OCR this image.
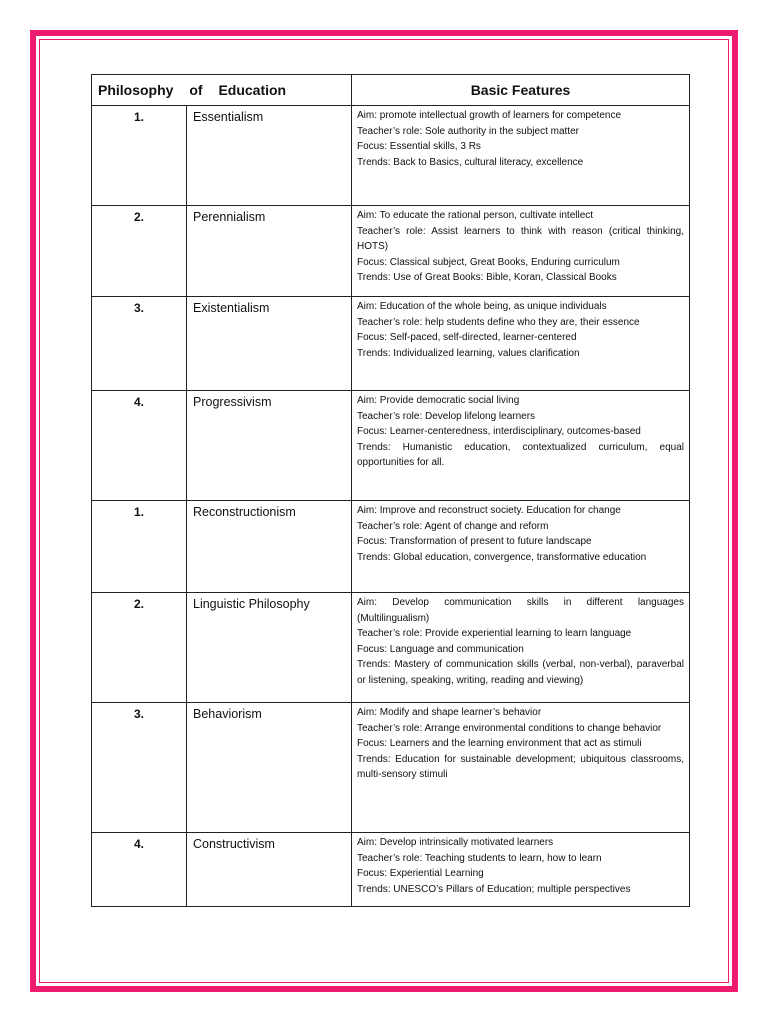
Philosophy of Education		Basic Features
1.	Essentialism	Aim: promote intellectual growth of learners for competence
Teacher’s role: Sole authority in the subject matter
Focus: Essential skills, 3 Rs
Trends: Back to Basics, cultural literacy, excellence

2.	Perennialism	Aim: To educate the rational person, cultivate intellect
Teacher’s role: Assist learners to think with reason (critical thinking, HOTS)
Focus: Classical subject, Great Books, Enduring curriculum
Trends: Use of Great Books: Bible, Koran, Classical Books

3.	Existentialism	Aim: Education of the whole being, as unique individuals
Teacher’s role: help students define who they are, their essence
Focus: Self-paced, self-directed, learner-centered
Trends: Individualized learning, values clarification

4.	Progressivism	Aim: Provide democratic social living
Teacher’s role: Develop lifelong learners
Focus: Learner-centeredness, interdisciplinary, outcomes-based
Trends: Humanistic education, contextualized curriculum, equal opportunities for all.

1.	Reconstructionism	Aim: Improve and reconstruct society. Education for change
Teacher’s role: Agent of change and reform
Focus: Transformation of present to future landscape
Trends: Global education, convergence, transformative education

2.	Linguistic Philosophy	Aim: Develop communication skills in different languages (Multilingualism)
Teacher’s role: Provide experiential learning to learn language
Focus: Language and communication
Trends: Mastery of communication skills (verbal, non-verbal), paraverbal or listening, speaking, writing, reading and viewing)

3.	Behaviorism	Aim: Modify and shape learner’s behavior
Teacher’s role: Arrange environmental conditions to change behavior
Focus: Learners and the learning environment that act as stimuli
Trends: Education for sustainable development; ubiquitous classrooms, multi-sensory stimuli

4.	Constructivism	Aim: Develop intrinsically motivated learners
Teacher’s role: Teaching students to learn, how to learn
Focus: Experiential Learning
Trends: UNESCO’s Pillars of Education; multiple perspectives
